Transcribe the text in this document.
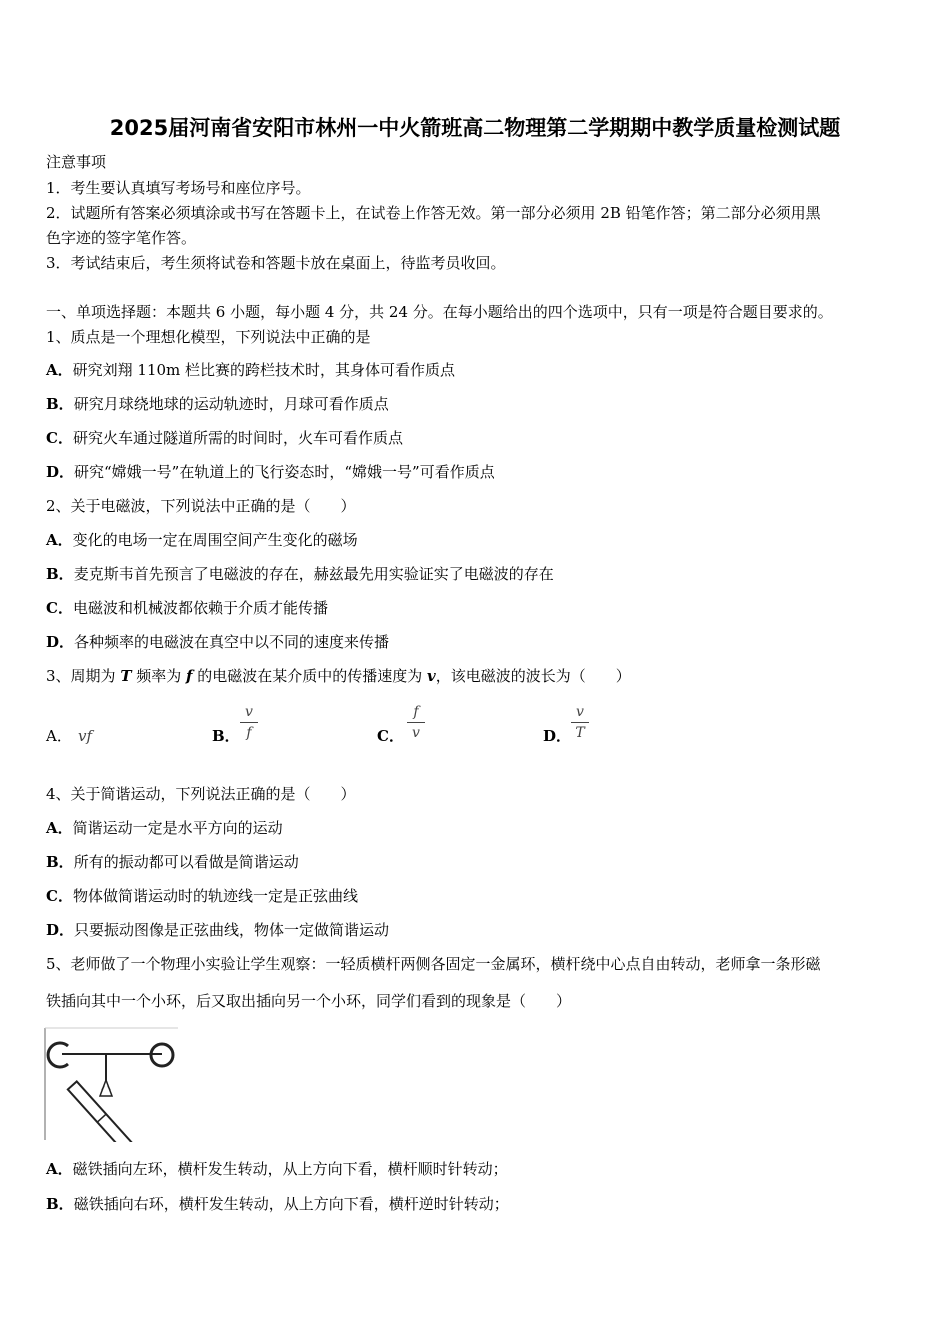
2025届河南省安阳市林州一中火箭班高二物理第二学期期中教学质量检测试题
注意事项
1．考生要认真填写考场号和座位序号。
2．试题所有答案必须填涂或书写在答题卡上，在试卷上作答无效。第一部分必须用 2B 铅笔作答；第二部分必须用黑
色字迹的签字笔作答。
3．考试结束后，考生须将试卷和答题卡放在桌面上，待监考员收回。
一、单项选择题：本题共 6 小题，每小题 4 分，共 24 分。在每小题给出的四个选项中，只有一项是符合题目要求的。
1、质点是一个理想化模型，下列说法中正确的是
A．研究刘翔 110m 栏比赛的跨栏技术时，其身体可看作质点
B．研究月球绕地球的运动轨迹时，月球可看作质点
C．研究火车通过隧道所需的时间时，火车可看作质点
D．研究“嫦娥一号”在轨道上的飞行姿态时，“嫦娥一号”可看作质点
2、关于电磁波，下列说法中正确的是（　　）
A．变化的电场一定在周围空间产生变化的磁场
B．麦克斯韦首先预言了电磁波的存在，赫兹最先用实验证实了电磁波的存在
C．电磁波和机械波都依赖于介质才能传播
D．各种频率的电磁波在真空中以不同的速度来传播
3、周期为 T 频率为 f 的电磁波在某介质中的传播速度为 v，该电磁波的波长为（　　）
A． vf	B．
v
f	C．
f
v	D．
v
T
4、关于简谐运动，下列说法正确的是（　　）
A．简谐运动一定是水平方向的运动
B．所有的振动都可以看做是简谐运动
C．物体做简谐运动时的轨迹线一定是正弦曲线
D．只要振动图像是正弦曲线，物体一定做简谐运动
5、老师做了一个物理小实验让学生观察：一轻质横杆两侧各固定一金属环，横杆绕中心点自由转动，老师拿一条形磁
铁插向其中一个小环，后又取出插向另一个小环，同学们看到的现象是（　　）
A．磁铁插向左环，横杆发生转动，从上方向下看，横杆顺时针转动；
B．磁铁插向右环，横杆发生转动，从上方向下看，横杆逆时针转动；
